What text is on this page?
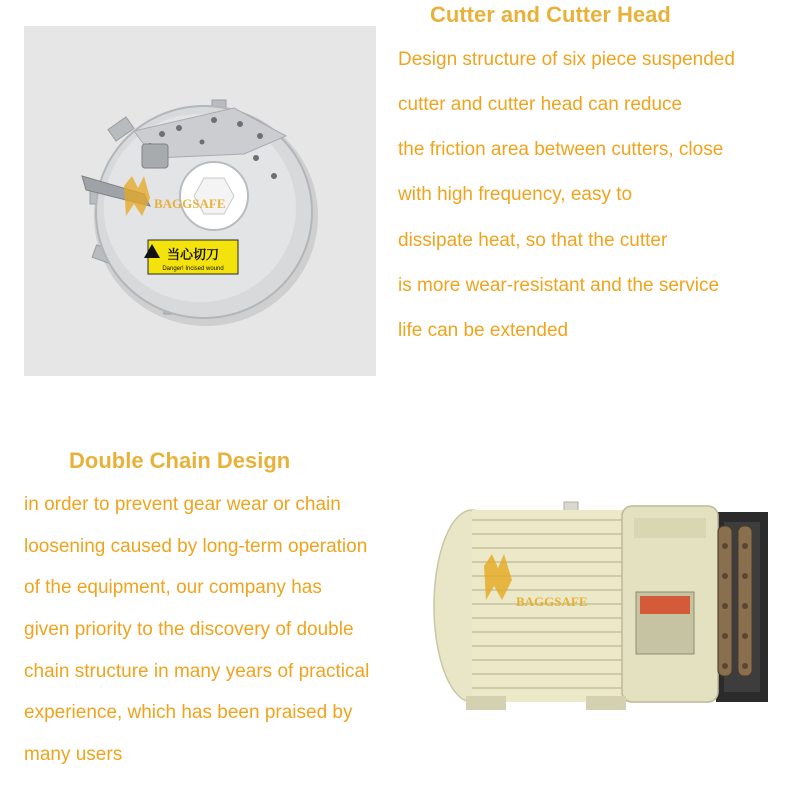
BAGGSAFE
当心切刀
Danger! Incised wound
Cutter and Cutter Head

Design structure of six piece suspended

cutter and cutter head can reduce

the friction area between cutters, close

with high frequency, easy to

dissipate heat, so that the cutter

is more wear-resistant and the service

life can be extended

Double Chain Design

in order to prevent gear wear or chain

loosening caused by long-term operation

of the equipment, our company has

given priority to the discovery of double

chain structure in many years of practical

experience, which has been praised by

many users

BAGGSAFE
